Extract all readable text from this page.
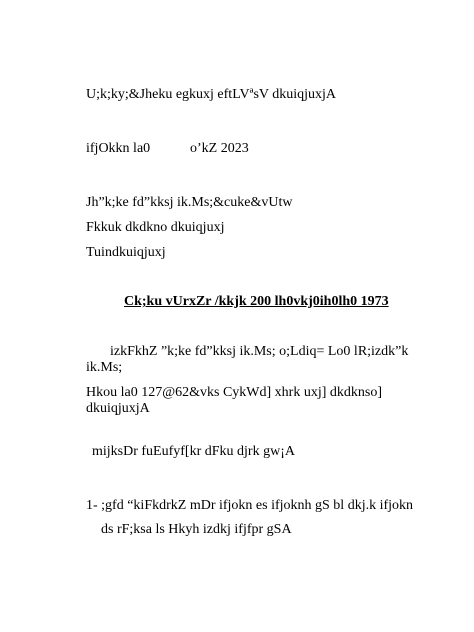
U;k;ky;&Jheku egkuxj eftLVªsV dkuiqjuxjA
ifjOkkn la0	o’kZ 2023
Jh”k;ke fd”kksj ik.Ms;&cuke&vUtw
Fkkuk dkdkno dkuiqjuxj
Tuindkuiqjuxj
Ck;ku vUrxZr /kkjk 200 lh0vkj0ih0lh0 1973
izkFkhZ ”k;ke fd”kksj ik.Ms; o;Ldiq= Lo0 lR;izdk”k
ik.Ms;
Hkou la0 127@62&vks CykWd] xhrk uxj] dkdknso]
dkuiqjuxjA
mijksDr fuEufyf[kr dFku djrk gw¡A
1- ;gfd “kiFkdrkZ mDr ifjokn es ifjoknh gS bl dkj.k ifjokn
ds rF;ksa ls Hkyh izdkj ifjfpr gSA
